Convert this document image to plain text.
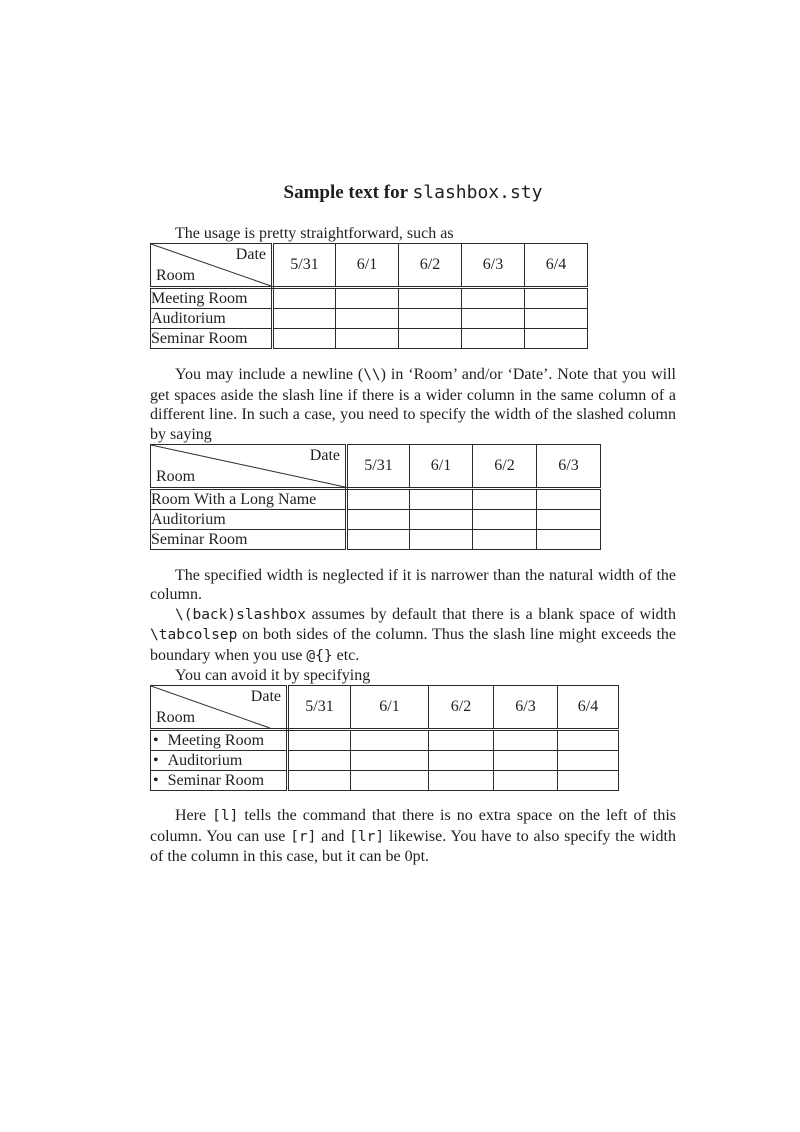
Sample text for slashbox.sty

The usage is pretty straightforward, such as

Date
Room	5/31	6/1	6/2	6/3	6/4
Meeting Room					
Auditorium					
Seminar Room					

You may include a newline (\\) in ‘Room’ and/or ‘Date’. Note that you will get spaces aside the slash line if there is a wider column in the same column of a different line. In such a case, you need to specify the width of the slashed column by saying

Date
Room	5/31	6/1	6/2	6/3
Room With a Long Name				
Auditorium				
Seminar Room				

The specified width is neglected if it is narrower than the natural width of the column.

\(back)slashbox assumes by default that there is a blank space of width \tabcolsep on both sides of the column. Thus the slash line might exceeds the boundary when you use @{} etc.

You can avoid it by specifying

Date
Room	5/31	6/1	6/2	6/3	6/4
• Meeting Room					
• Auditorium					
• Seminar Room					

Here [l] tells the command that there is no extra space on the left of this column. You can use [r] and [lr] likewise. You have to also specify the width of the column in this case, but it can be 0pt.
